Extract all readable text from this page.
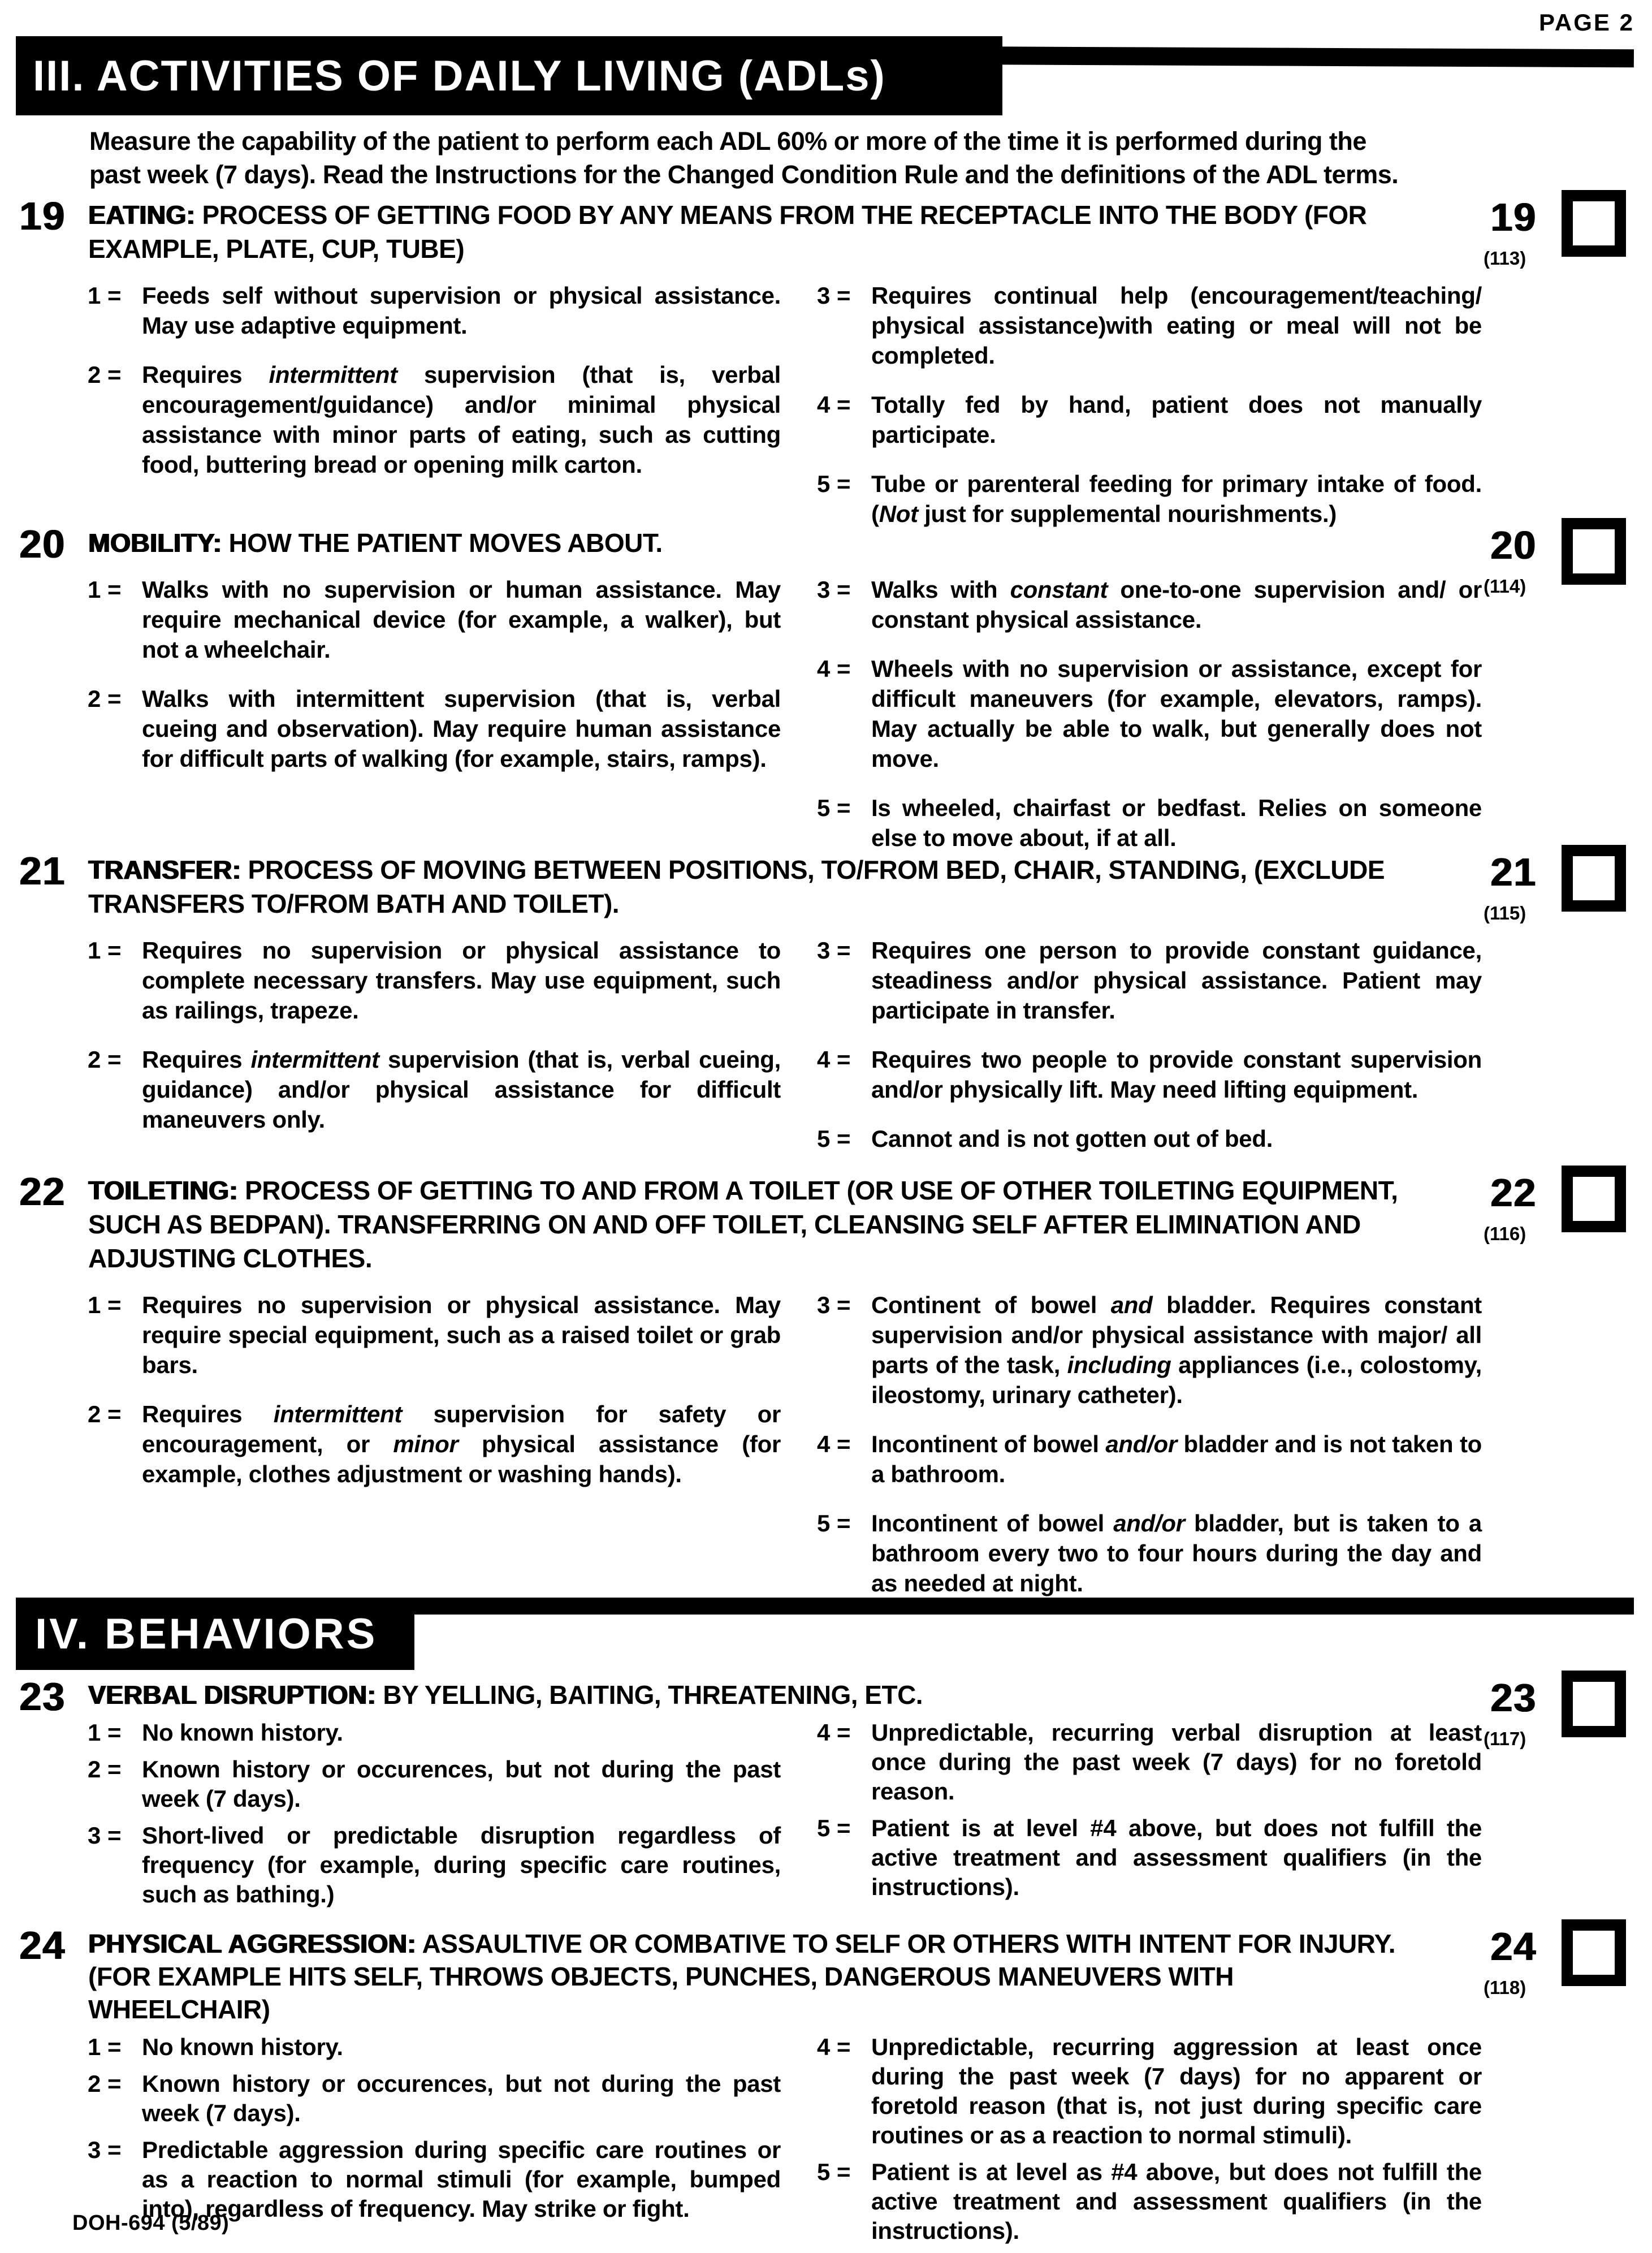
PAGE 2
III. ACTIVITIES OF DAILY LIVING (ADLs)
Measure the capability of the patient to perform each ADL 60% or more of the time it is performed during the past week (7 days). Read the Instructions for the Changed Condition Rule and the definitions of the ADL terms.
19 EATING: PROCESS OF GETTING FOOD BY ANY MEANS FROM THE RECEPTACLE INTO THE BODY (FOR EXAMPLE, PLATE, CUP, TUBE)
19
(113)
1 = Feeds self without supervision or physical assistance. May use adaptive equipment.
2 = Requires intermittent supervision (that is, verbal encouragement/guidance) and/or minimal physical assistance with minor parts of eating, such as cutting food, buttering bread or opening milk carton.
3 = Requires continual help (encouragement/teaching/ physical assistance)with eating or meal will not be completed.
4 = Totally fed by hand, patient does not manually participate.
5 = Tube or parenteral feeding for primary intake of food. (Not just for supplemental nourishments.)
20 MOBILITY: HOW THE PATIENT MOVES ABOUT.	20
(114)
1 = Walks with no supervision or human assistance. May require mechanical device (for example, a walker), but not a wheelchair.
2 = Walks with intermittent supervision (that is, verbal cueing and observation). May require human assistance for difficult parts of walking (for example, stairs, ramps).
3 = Walks with constant one-to-one supervision and/ or constant physical assistance.
4 = Wheels with no supervision or assistance, except for difficult maneuvers (for example, elevators, ramps). May actually be able to walk, but generally does not move.
5 = Is wheeled, chairfast or bedfast. Relies on someone else to move about, if at all.
21 TRANSFER: PROCESS OF MOVING BETWEEN POSITIONS, TO/FROM BED, CHAIR, STANDING, (EXCLUDE TRANSFERS TO/FROM BATH AND TOILET).
21
(115)
1 = Requires no supervision or physical assistance to complete necessary transfers. May use equipment, such as railings, trapeze.
2 = Requires intermittent supervision (that is, verbal cueing, guidance) and/or physical assistance for difficult maneuvers only.
3 = Requires one person to provide constant guidance, steadiness and/or physical assistance. Patient may participate in transfer.
4 = Requires two people to provide constant supervision and/or physically lift. May need lifting equipment.
5 = Cannot and is not gotten out of bed.
22 TOILETING: PROCESS OF GETTING TO AND FROM A TOILET (OR USE OF OTHER TOILETING EQUIPMENT, SUCH AS BEDPAN). TRANSFERRING ON AND OFF TOILET, CLEANSING SELF AFTER ELIMINATION AND ADJUSTING CLOTHES.
22
(116)
1 = Requires no supervision or physical assistance. May require special equipment, such as a raised toilet or grab bars.
2 = Requires intermittent supervision for safety or encouragement, or minor physical assistance (for example, clothes adjustment or washing hands).
3 = Continent of bowel and bladder. Requires constant supervision and/or physical assistance with major/ all parts of the task, including appliances (i.e., colostomy, ileostomy, urinary catheter).
4 = Incontinent of bowel and/or bladder and is not taken to a bathroom.
5 = Incontinent of bowel and/or bladder, but is taken to a bathroom every two to four hours during the day and as needed at night.
IV. BEHAVIORS
23 VERBAL DISRUPTION: BY YELLING, BAITING, THREATENING, ETC.	23
(117)
1 = No known history.
2 = Known history or occurences, but not during the past week (7 days).
3 = Short-lived or predictable disruption regardless of frequency (for example, during specific care routines, such as bathing.)
4 = Unpredictable, recurring verbal disruption at least once during the past week (7 days) for no foretold reason.
5 = Patient is at level #4 above, but does not fulfill the active treatment and assessment qualifiers (in the instructions).
24 PHYSICAL AGGRESSION: ASSAULTIVE OR COMBATIVE TO SELF OR OTHERS WITH INTENT FOR INJURY. (FOR EXAMPLE HITS SELF, THROWS OBJECTS, PUNCHES, DANGEROUS MANEUVERS WITH WHEELCHAIR)
24
(118)
1 = No known history.
2 = Known history or occurences, but not during the past week (7 days).
3 = Predictable aggression during specific care routines or as a reaction to normal stimuli (for example, bumped into), regardless of frequency. May strike or fight.
4 = Unpredictable, recurring aggression at least once during the past week (7 days) for no apparent or foretold reason (that is, not just during specific care routines or as a reaction to normal stimuli).
5 = Patient is at level as #4 above, but does not fulfill the active treatment and assessment qualifiers (in the instructions).
DOH-694 (5/89)
